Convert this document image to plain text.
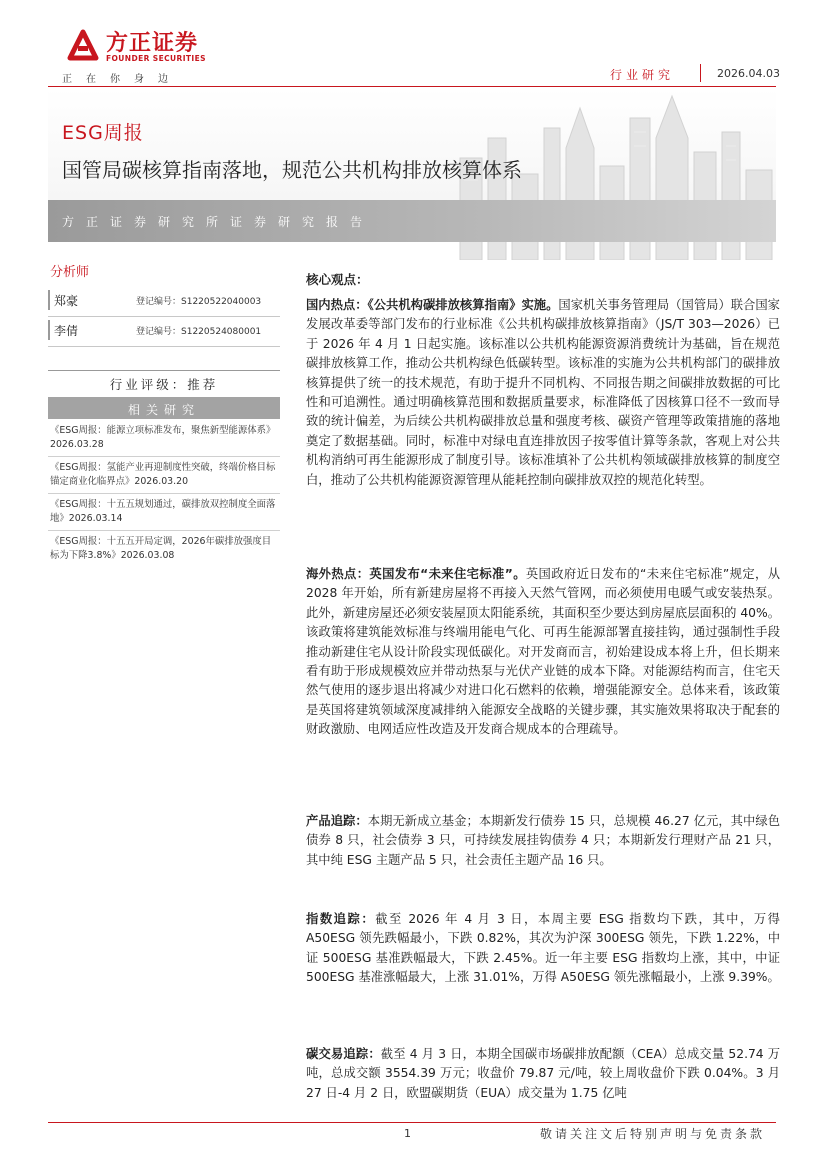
方正证券
FOUNDER SECURITIES
正在你身边	行业研究	2026.04.03
ESG周报
国管局碳核算指南落地，规范公共机构排放核算体系
方正证券研究所证券研究报告
分析师
郑豪	登记编号：S1220522040003
李倩	登记编号：S1220524080001
行业评级：推荐
相关研究
《ESG周报：能源立项标准发布，聚焦新型能源体系》2026.03.28
《ESG周报：氢能产业再迎制度性突破，终端价格目标锚定商业化临界点》2026.03.20
《ESG周报：十五五规划通过，碳排放双控制度全面落地》2026.03.14
《ESG周报：十五五开局定调，2026年碳排放强度目标为下降3.8%》2026.03.08
核心观点：
国内热点：《公共机构碳排放核算指南》实施。国家机关事务管理局（国管局）联合国家发展改革委等部门发布的行业标准《公共机构碳排放核算指南》（JS/T 303—2026）已于 2026 年 4 月 1 日起实施。该标准以公共机构能源资源消费统计为基础，旨在规范碳排放核算工作，推动公共机构绿色低碳转型。该标准的实施为公共机构部门的碳排放核算提供了统一的技术规范，有助于提升不同机构、不同报告期之间碳排放数据的可比性和可追溯性。通过明确核算范围和数据质量要求，标准降低了因核算口径不一致而导致的统计偏差，为后续公共机构碳排放总量和强度考核、碳资产管理等政策措施的落地奠定了数据基础。同时，标准中对绿电直连排放因子按零值计算等条款，客观上对公共机构消纳可再生能源形成了制度引导。该标准填补了公共机构领域碳排放核算的制度空白，推动了公共机构能源资源管理从能耗控制向碳排放双控的规范化转型。
海外热点：英国发布“未来住宅标准”。英国政府近日发布的“未来住宅标准”规定，从 2028 年开始，所有新建房屋将不再接入天然气管网，而必须使用电暖气或安装热泵。此外，新建房屋还必须安装屋顶太阳能系统，其面积至少要达到房屋底层面积的 40%。该政策将建筑能效标准与终端用能电气化、可再生能源部署直接挂钩，通过强制性手段推动新建住宅从设计阶段实现低碳化。对开发商而言，初始建设成本将上升，但长期来看有助于形成规模效应并带动热泵与光伏产业链的成本下降。对能源结构而言，住宅天然气使用的逐步退出将减少对进口化石燃料的依赖，增强能源安全。总体来看，该政策是英国将建筑领域深度减排纳入能源安全战略的关键步骤，其实施效果将取决于配套的财政激励、电网适应性改造及开发商合规成本的合理疏导。
产品追踪：本期无新成立基金；本期新发行债券 15 只，总规模 46.27 亿元，其中绿色债券 8 只，社会债券 3 只，可持续发展挂钩债券 4 只；本期新发行理财产品 21 只，其中纯 ESG 主题产品 5 只，社会责任主题产品 16 只。
指数追踪：截至 2026 年 4 月 3 日，本周主要 ESG 指数均下跌，其中，万得 A50ESG 领先跌幅最小，下跌 0.82%，其次为沪深 300ESG 领先，下跌 1.22%，中证 500ESG 基准跌幅最大，下跌 2.45%。近一年主要 ESG 指数均上涨，其中，中证 500ESG 基准涨幅最大，上涨 31.01%，万得 A50ESG 领先涨幅最小，上涨 9.39%。
碳交易追踪：截至 4 月 3 日，本期全国碳市场碳排放配额（CEA）总成交量 52.74 万吨，总成交额 3554.39 万元；收盘价 79.87 元/吨，较上周收盘价下跌 0.04%。3 月 27 日-4 月 2 日，欧盟碳期货（EUA）成交量为 1.75 亿吨
1	敬请关注文后特别声明与免责条款
